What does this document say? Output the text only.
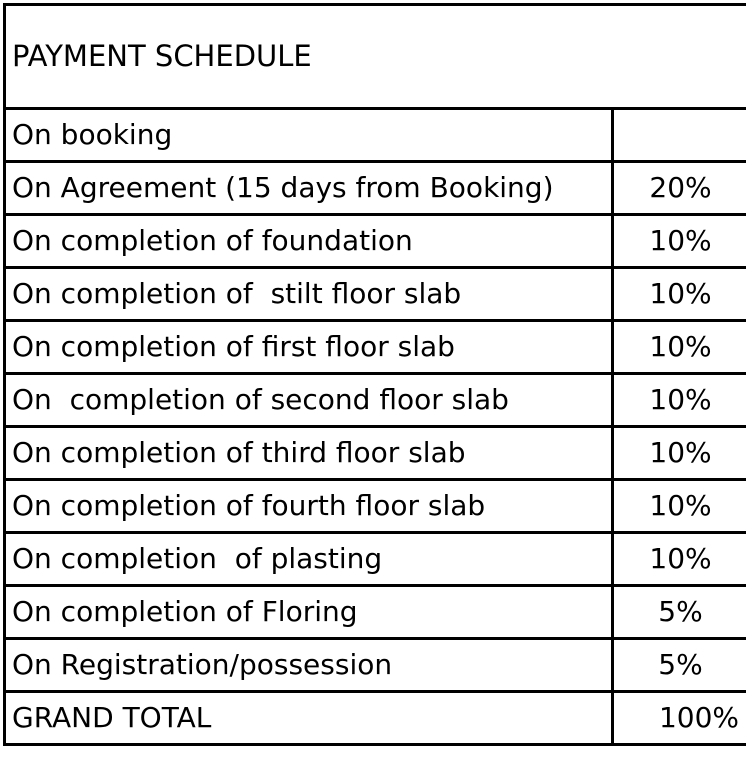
PAYMENT SCHEDULE	
On booking	
On Agreement (15 days from Booking)	20%
On completion of foundation	10%
On completion of  stilt floor slab	10%
On completion of first floor slab	10%
On  completion of second floor slab	10%
On completion of third floor slab	10%
On completion of fourth floor slab	10%
On completion  of plasting	10%
On completion of Floring	5%
On Registration/possession	5%
GRAND TOTAL	100%
